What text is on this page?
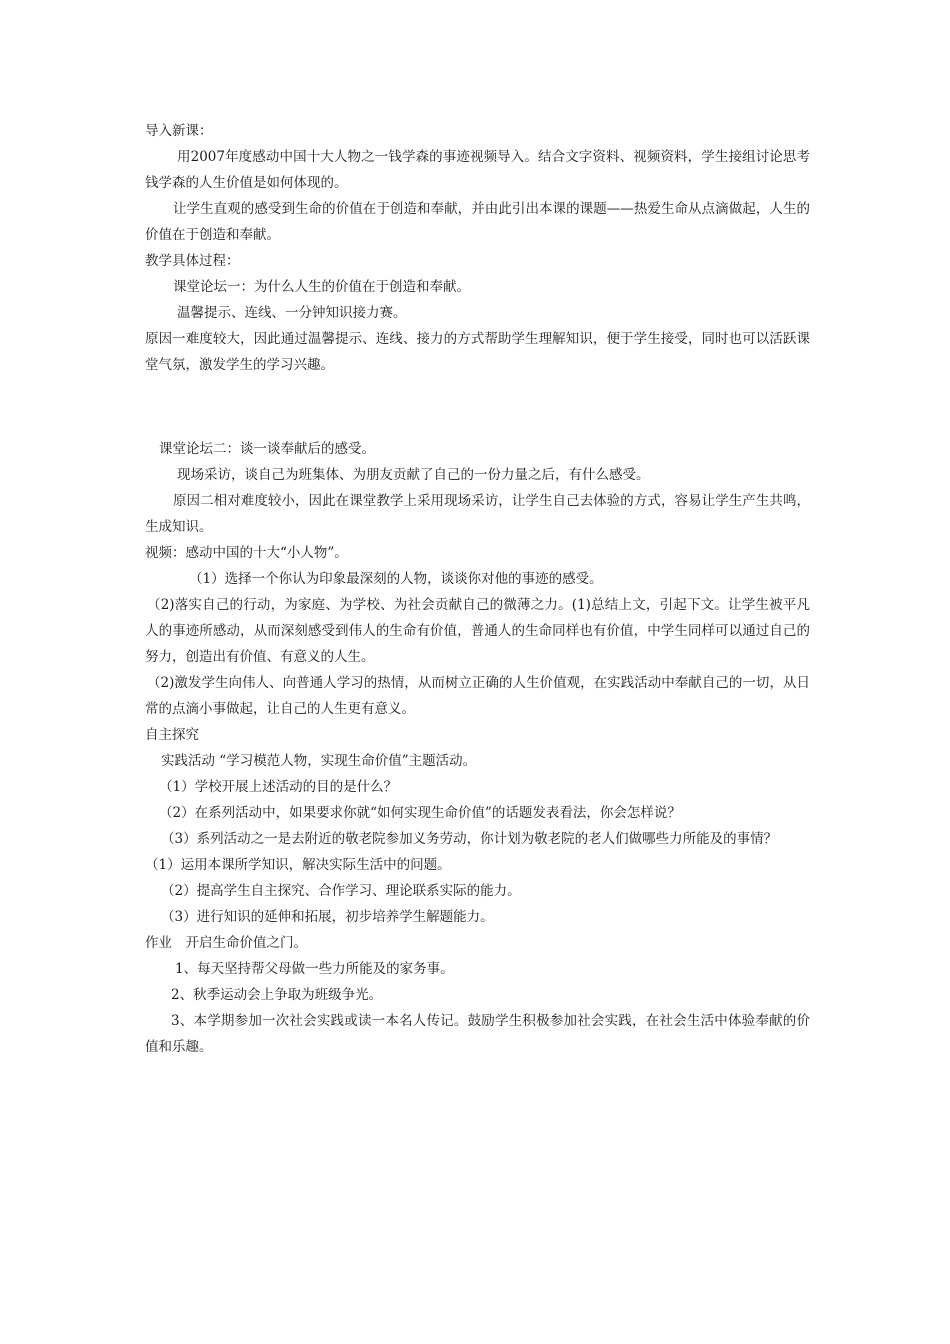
导入新课：

用2007年度感动中国十大人物之一钱学森的事迹视频导入。结合文字资料、视频资料，学生接组讨论思考钱学森的人生价值是如何体现的。

让学生直观的感受到生命的价值在于创造和奉献，并由此引出本课的课题——热爱生命从点滴做起，人生的价值在于创造和奉献。

教学具体过程：

课堂论坛一：为什么人生的价值在于创造和奉献。

温馨提示、连线、一分钟知识接力赛。

原因一难度较大，因此通过温馨提示、连线、接力的方式帮助学生理解知识，便于学生接受，同时也可以活跃课堂气氛，激发学生的学习兴趣。

课堂论坛二：谈一谈奉献后的感受。

现场采访，谈自己为班集体、为朋友贡献了自己的一份力量之后，有什么感受。

原因二相对难度较小，因此在课堂教学上采用现场采访，让学生自己去体验的方式，容易让学生产生共鸣，生成知识。

视频：感动中国的十大“小人物”。

（1）选择一个你认为印象最深刻的人物，谈谈你对他的事迹的感受。

（2)落实自己的行动，为家庭、为学校、为社会贡献自己的微薄之力。(1)总结上文，引起下文。让学生被平凡人的事迹所感动，从而深刻感受到伟人的生命有价值，普通人的生命同样也有价值，中学生同样可以通过自己的努力，创造出有价值、有意义的人生。

（2)激发学生向伟人、向普通人学习的热情，从而树立正确的人生价值观，在实践活动中奉献自己的一切，从日常的点滴小事做起，让自己的人生更有意义。

自主探究

实践活动 “学习模范人物，实现生命价值”主题活动。

（1）学校开展上述活动的目的是什么？

（2）在系列活动中，如果要求你就“如何实现生命价值”的话题发表看法，你会怎样说？

（3）系列活动之一是去附近的敬老院参加义务劳动，你计划为敬老院的老人们做哪些力所能及的事情？

（1）运用本课所学知识，解决实际生活中的问题。

（2）提高学生自主探究、合作学习、理论联系实际的能力。

（3）进行知识的延伸和拓展，初步培养学生解题能力。

作业　开启生命价值之门。

1、每天坚持帮父母做一些力所能及的家务事。

2、秋季运动会上争取为班级争光。

3、本学期参加一次社会实践或读一本名人传记。鼓励学生积极参加社会实践，在社会生活中体验奉献的价值和乐趣。
